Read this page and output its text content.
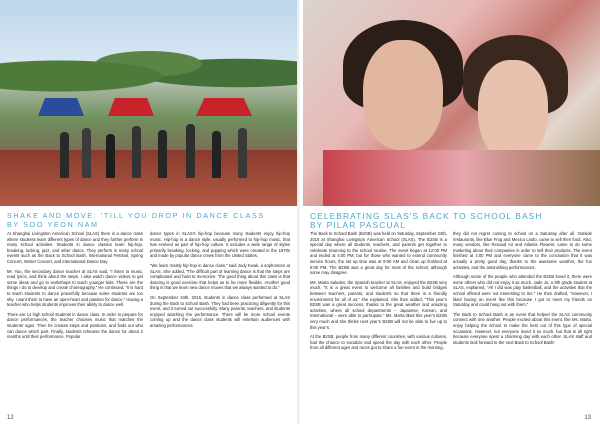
SHAKE AND MOVE: 'TILL YOU DROP IN DANCE CLASS
BY SOO YEON NAM

At Shanghai Livingston American School (SLAS) there is a dance class where students learn different types of dance and they further perform in many school activities. Students in dance classes learn hip-hop, breaking, locking, jazz, and other dance. They perform in many school events such as the Back to School Bash, International Festival, Spring Concert, Winter Concert, and International Dance Day.

Mr. Yao, the secondary dance teacher at SLAS said, “I listen to music, read lyrics, and think about the steps. I also watch dance videos to get some ideas and go to workshops to teach younger kids. These are the things I do to develop and create choreography.” He continued, “It is hard to teach students to dance powerfully because some students are too shy. I want them to have an open-heart and passion for dance.” Having a teacher who helps students improves their ability to dance well.

There are 14 high school students in dance class. In order to prepare for dance performances, the teacher chooses music that matches the students’ ages. Then he creates steps and positions, and finds out who can dance which part. Finally, students rehearse the dance for about 2 months until their performance. Popular

dance types in SLAS’s hip-hop because many students enjoy hip-hop music. Hip-hop is a dance style, usually performed to hip-hop music, that has evolved as part of hip-hop culture. It includes a wide range of styles primarily breaking, locking, and popping which were created in the 1970s and made by popular dance crews from the United States.

“We learn mostly hip-hop in dance class,” said Judy Kwak, a sophomore at SLAS. She added, “The difficult part of learning dance is that the steps are complicated and hard to memorize. The good thing about this class is that dancing is good exercise that helps us to be more flexible. Another good thing is that we learn new dance moves that we always wanted to do.”

On September 24th, 2016, students in dance class performed at SLAS during the Back to School Bash. They had been practicing diligently for this event, and it turned out successfully. Many parents, teachers, and students enjoyed watching the performance. There will be more school events coming up and the dance class students will entertain audiences with amazing performances.

12
CELEBRATING SLAS'S BACK TO SCHOOL BASH
BY PILAR PASCUAL

The Back to School Bash (B2SB) was held on Saturday, September 24th, 2016 at Shanghai Livingston American School (SLAS). The B2SB is a special day where all students, teachers, and parents get together to celebrate returning to the school routine. The event began at 12:00 PM and ended at 4:00 PM, but for those who wanted to extend community service hours, the set up time was at 9:00 AM and clean up finished at 5:00 PM. The B2SB was a great day for most of the school, although some may disagree.

Ms. Marta Saludes, the Spanish teacher at SLAS, enjoyed the B2SB very much. “It is a great event to welcome all families and build bridges between teachers, parents, and students so that there is a friendly environment for all of us,” she explained. She then added, “This year’s B2SB was a great success, thanks to the great weather and amazing activities, where all school departments – Japanese, Korean, and International – were able to participate.” Ms. Marta liked this year’s B2SB very much and she thinks next year’s B2SB will not be able to live up to this year’s.

At the B2SB, people from many different countries, with various cultures, had the chance to socialize and spend the day with each other. People from all different ages and races got to share a fun event in the morning,

they did not regret coming to school on a Saturday after all. Outside restaurants, like Blue Frog and Mexico Lindo, came to sell their food. Also, many vendors, like Renaud Air and Atlantis Flowers, came to do some marketing about their companies in order to sell their products. The event finished at 4:00 PM and everyone came to the conclusion that it was actually a pretty good day, thanks to the awesome weather, the fun activities, and the astonishing performances.

Although some of the people who attended the B2SB loved it, there were some others who did not enjoy it as much. Jade Jo, a 9th grade student at SLAS, explained, “All I did was play basketball, and the activities that the school offered were not interesting to me.” He then drafted, “However, I liked having an event like this because I got to meet my friends on Saturday and could hang out with them.”

The Back to School Bash is an event that helped the SLAS community connect with one another. People excited about this event, like Ms. Marta, enjoy helping the school to make the best out of this type of special occasions. However, not everyone loved it so much, but that is all right because everyone spent a charming day with each other. SLAS staff and students look forward to the next Back to School Bash!

13
